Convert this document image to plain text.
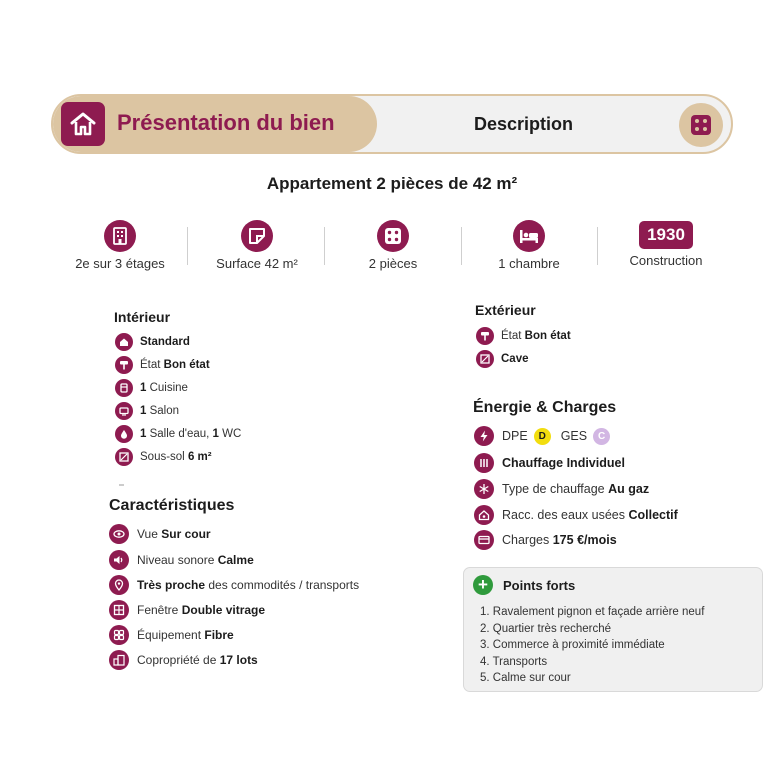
Présentation du bien	Description
Appartement 2 pièces de 42 m²
2e sur 3 étages	Surface 42 m²	2 pièces	1 chambre
1930
Construction
Intérieur
Standard
État Bon état
1 Cuisine
1 Salon
1 Salle d'eau, 1 WC
Sous-sol 6 m²
Caractéristiques
Vue Sur cour
Niveau sonore Calme
Très proche des commodités / transports
Fenêtre Double vitrage
Équipement Fibre
Copropriété de 17 lots
Extérieur
État Bon état
Cave
Énergie & Charges
DPE	D	GES	C
Chauffage Individuel
Type de chauffage Au gaz
Racc. des eaux usées Collectif
Charges 175 €/mois
+	Points forts
1. Ravalement pignon et façade arrière neuf
2. Quartier très recherché
3. Commerce à proximité immédiate
4. Transports
5. Calme sur cour
